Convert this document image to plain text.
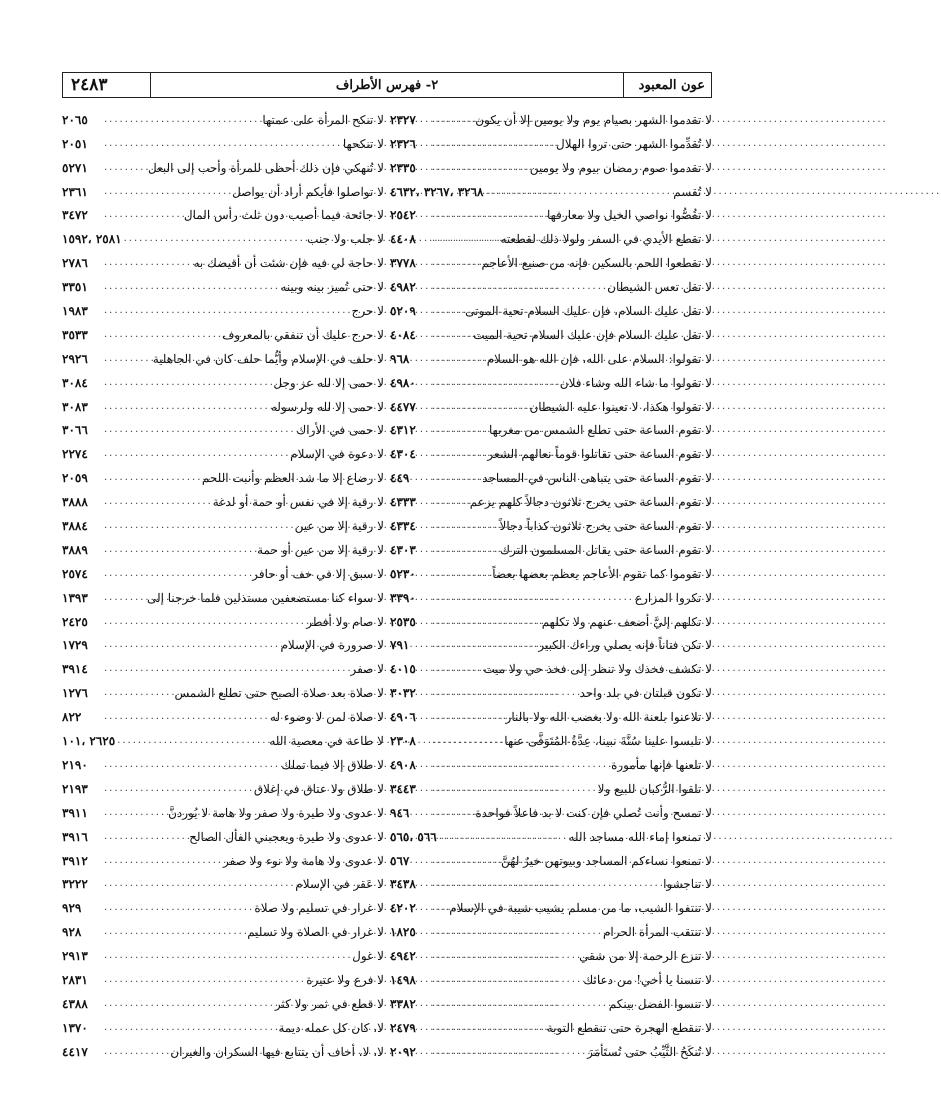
عون المعبود
٢- فهرس الأطراف
٢٤٨٣
لا تقدموا الشهر بصيام يوم ولا يومين إلا أن يكون
.....
٢٣٢٧
لا تُقدِّموا الشهر حتى تروا الهلال
.....
٢٣٢٦
لا تقدموا صوم رمضان بيوم ولا يومين
.....
٢٣٣٥
لا تُقسم
.....
٣٢٦٨ ،٣٢٦٧ ،٤٦٣٢
لا تقُصُّوا نواصي الخيل ولا معارفها
.....
٢٥٤٢
لا تقطع الأيدي في السفر ولولا ذلك لقطعته
.....
٤٤٠٨
لا تقطعوا اللحم بالسكين فإنه من صنيع الأعاجم
.....
٣٧٧٨
لا تقل تعس الشيطان
.....
٤٩٨٢
لا تقل عليك السلام، فإن عليك السلام تحية الموتى
.....
٥٢٠٩
لا تقل عليك السلام فإن عليك السلام تحية الميت
.....
٤٠٨٤
لا تقولوا: السلام على الله، فإن الله هو السلام
.....
٩٦٨
لا تقولوا ما شاء الله وشاء فلان
.....
٤٩٨٠
لا تقولوا هكذا، لا تعينوا عليه الشيطان
.....
٤٤٧٧
لا تقوم الساعة حتى تطلع الشمس من مغربها
.....
٤٣١٢
لا تقوم الساعة حتى تقاتلوا قوماً نعالهم الشعر
.....
٤٣٠٤
لا تقوم الساعة حتى يتباهى الناس في المساجد
.....
٤٤٩
لا تقوم الساعة حتى يخرج ثلاثون دجالاً كلهم يزعم
.....
٤٣٣٣
لا تقوم الساعة حتى يخرج ثلاثون كذاباً دجالاً
.....
٤٣٣٤
لا تقوم الساعة حتى يقاتل المسلمون الترك
.....
٤٣٠٣
لا تقوموا كما تقوم الأعاجم يعظم بعضها بعضاً
.....
٥٢٣٠
لا تكروا المزارع
.....
٣٣٩٠
لا تكلهم إليَّ أضعف عنهم ولا تكلهم
.....
٢٥٣٥
لا تكن فتاناً فإنه يصلي وراءك الكبير
.....
٧٩١
لا تكشف فخذك ولا تنظر إلى فخذ حي ولا ميت
.....
٤٠١٥
لا تكون قبلتان في بلد واحد
.....
٣٠٣٢
لا تلاعنوا بلعنة الله ولا بغضب الله ولا بالنار
.....
٤٩٠٦
لا تلبسوا علينا سُنَّةَ نبينا، عِدَّةُ المُتَوَفَّى عنها
.....
٢٣٠٨
لا تلعنها فإنها مأمورة
.....
٤٩٠٨
لا تلقوا الرُّكبان للبيع ولا
.....
٣٤٤٣
لا تمسح وأنت تُصلي فإن كنت لا بد فاعلاً فواحدة
.....
٩٤٦
لا تمنعوا إماء الله مساجد الله
.....
٥٦٦ ،٥٦٥
لا تمنعوا نساءكم المساجد وبيوتهن خيرٌ لهُنَّ
.....
٥٦٧
لا تناجشوا
.....
٣٤٣٨
لا تنتفوا الشيب، ما من مسلم يشيب شيبة في الإسلام
.....
٤٢٠٢
لا تنتقب المرأة الحرام
.....
١٨٢٥
لا تنزع الرحمة إلا من شقي
.....
٤٩٤٢
لا تنسنا يا أخي! من دعائك
.....
١٤٩٨
لا تنسوا الفضل بينكم
.....
٣٣٨٢
لا تنقطع الهجرة حتى تنقطع التوبة
.....
٢٤٧٩
لا تُنكَحُ الثَّيِّبُ حتى تُستَأمَرَ
.....
٢٠٩٢
لا تنكح المرأة على عمتها
.....
٢٠٦٥
لا تنكحها
.....
٢٠٥١
لا تُنهكي فإن ذلك أحظى للمرأة وأحب إلى البعل
.....
٥٢٧١
لا تواصلوا فأيكم أراد أن يواصل
.....
٢٣٦١
لا جائحة فيما أصيب دون ثلث رأس المال
.....
٣٤٧٢
لا جلب ولا جنب
.....
٢٥٨١ ،١٥٩٢
لا حاجة لي فيه فإن شئت أن أقيضك به
.....
٢٧٨٦
لا حتى تُميز بينه وبينه
.....
٣٣٥١
لا حرج
.....
١٩٨٣
لا حرج عليك أن تنفقي بالمعروف
.....
٣٥٣٣
لا حلف في الإسلام وأيُّما حلف كان في الجاهلية
.....
٢٩٢٦
لا حمى إلا لله عز وجل
.....
٣٠٨٤
لا حمى إلا لله ولرسوله
.....
٣٠٨٣
لا حمى في الأراك
.....
٣٠٦٦
لا دعوة في الإسلام
.....
٢٢٧٤
لا رضاع إلا ما شد العظم وأنبت اللحم
.....
٢٠٥٩
لا رقية إلا في نفس أو حمة أو لدغة
.....
٣٨٨٨
لا رقية إلا من عين
.....
٣٨٨٤
لا رقية إلا من عين أو حمة
.....
٣٨٨٩
لا سبق إلا في خف أو حافر
.....
٢٥٧٤
لا سواء كنا مستضعفين مستذلين فلما خرجنا إلى
.....
١٣٩٣
لا صام ولا أفطر
.....
٢٤٢٥
لا صرورة في الإسلام
.....
١٧٢٩
لا صفر
.....
٣٩١٤
لا صلاة بعد صلاة الصبح حتى تطلع الشمس
.....
١٢٧٦
لا صلاة لمن لا وضوء له
.....
٨٢٢
لا طاعة في معصية الله
.....
٢٦٢٥ ،١٠١
لا طلاق إلا فيما تملك
.....
٢١٩٠
لا طلاق ولا عتاق في إغلاق
.....
٢١٩٣
لا عدوى ولا طيرة ولا صفر ولا هامة لا يُوردنَّ
.....
٣٩١١
لا عدوى ولا طيرة ويعجبني الفأل الصالح
.....
٣٩١٦
لا عدوى ولا هامة ولا نوء ولا صفر
.....
٣٩١٢
لا عَقر في الإسلام
.....
٣٢٢٢
لا غرار في تسليم ولا صلاة
.....
٩٢٩
لا غرار في الصلاة ولا تسليم
.....
٩٢٨
لا غول
.....
٢٩١٣
لا فرع ولا عتيرة
.....
٢٨٣١
لا قطع في ثمر ولا كثر
.....
٤٣٨٨
لا، كان كل عمله ديمة
.....
١٣٧٠
لا، لا، أخاف أن يتتابع فيها السكران والغيران
.....
٤٤١٧
